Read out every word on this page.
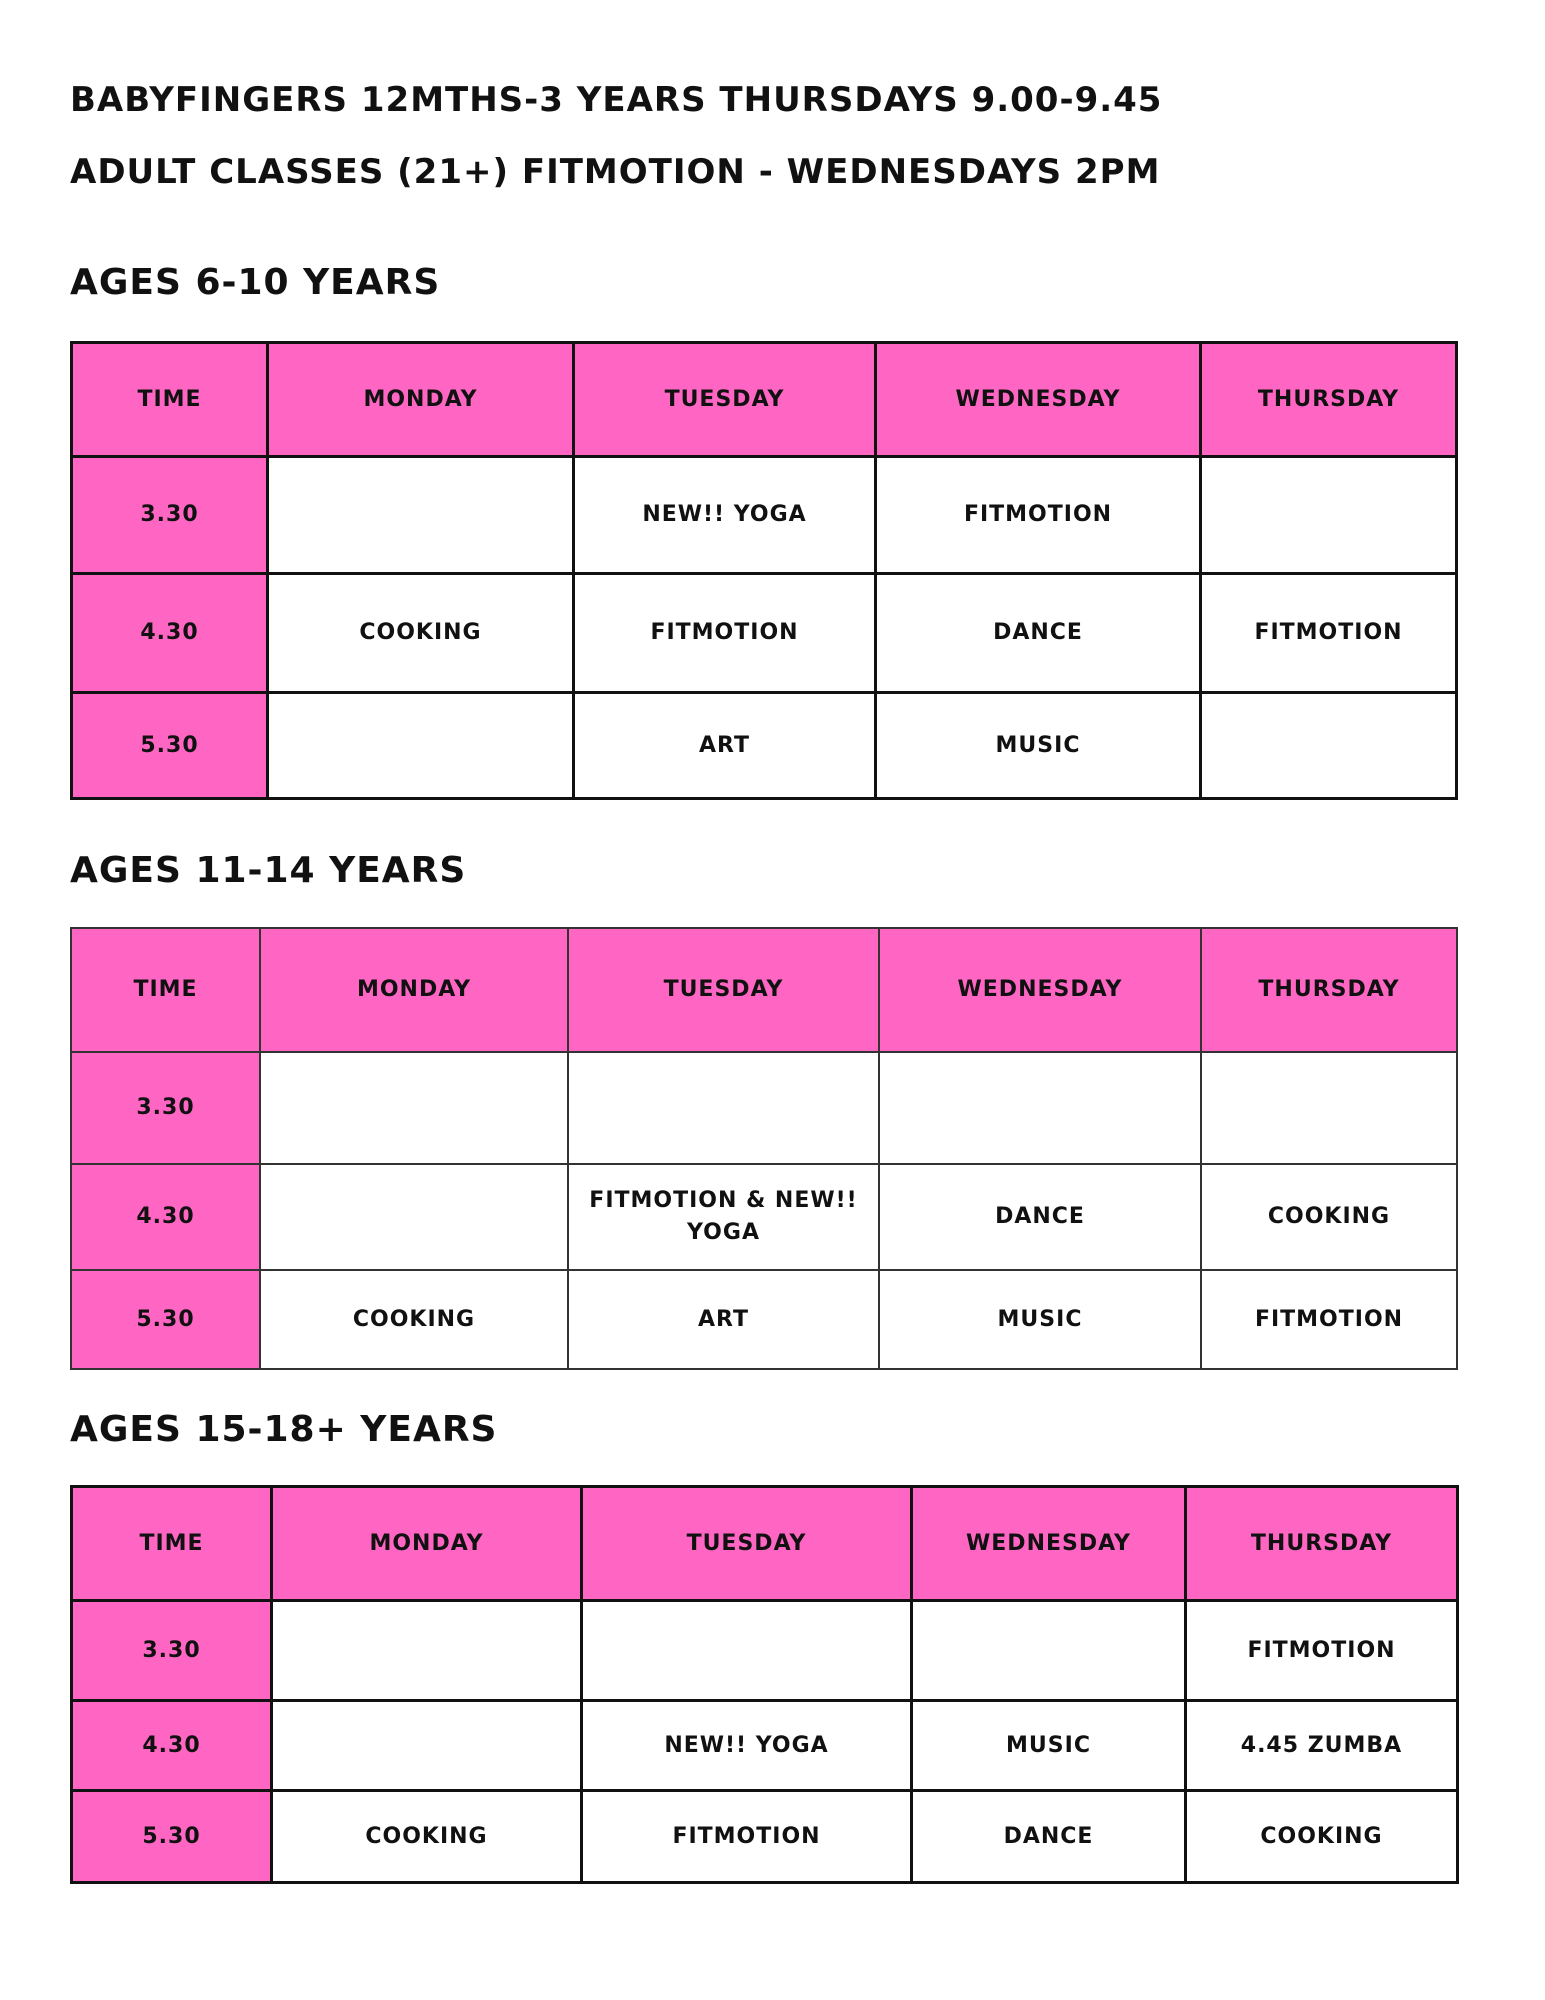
BABYFINGERS 12MTHS-3 YEARS THURSDAYS 9.00-9.45
ADULT CLASSES (21+) FITMOTION - WEDNESDAYS 2PM
AGES 6-10 YEARS
TIME	MONDAY	TUESDAY	WEDNESDAY	THURSDAY
3.30		NEW!! YOGA	FITMOTION	
4.30	COOKING	FITMOTION	DANCE	FITMOTION
5.30		ART	MUSIC	
AGES 11-14 YEARS
TIME	MONDAY	TUESDAY	WEDNESDAY	THURSDAY
3.30				
4.30		FITMOTION & NEW!! YOGA	DANCE	COOKING
5.30	COOKING	ART	MUSIC	FITMOTION
AGES 15-18+ YEARS
TIME	MONDAY	TUESDAY	WEDNESDAY	THURSDAY
3.30				FITMOTION
4.30		NEW!! YOGA	MUSIC	4.45 ZUMBA
5.30	COOKING	FITMOTION	DANCE	COOKING
